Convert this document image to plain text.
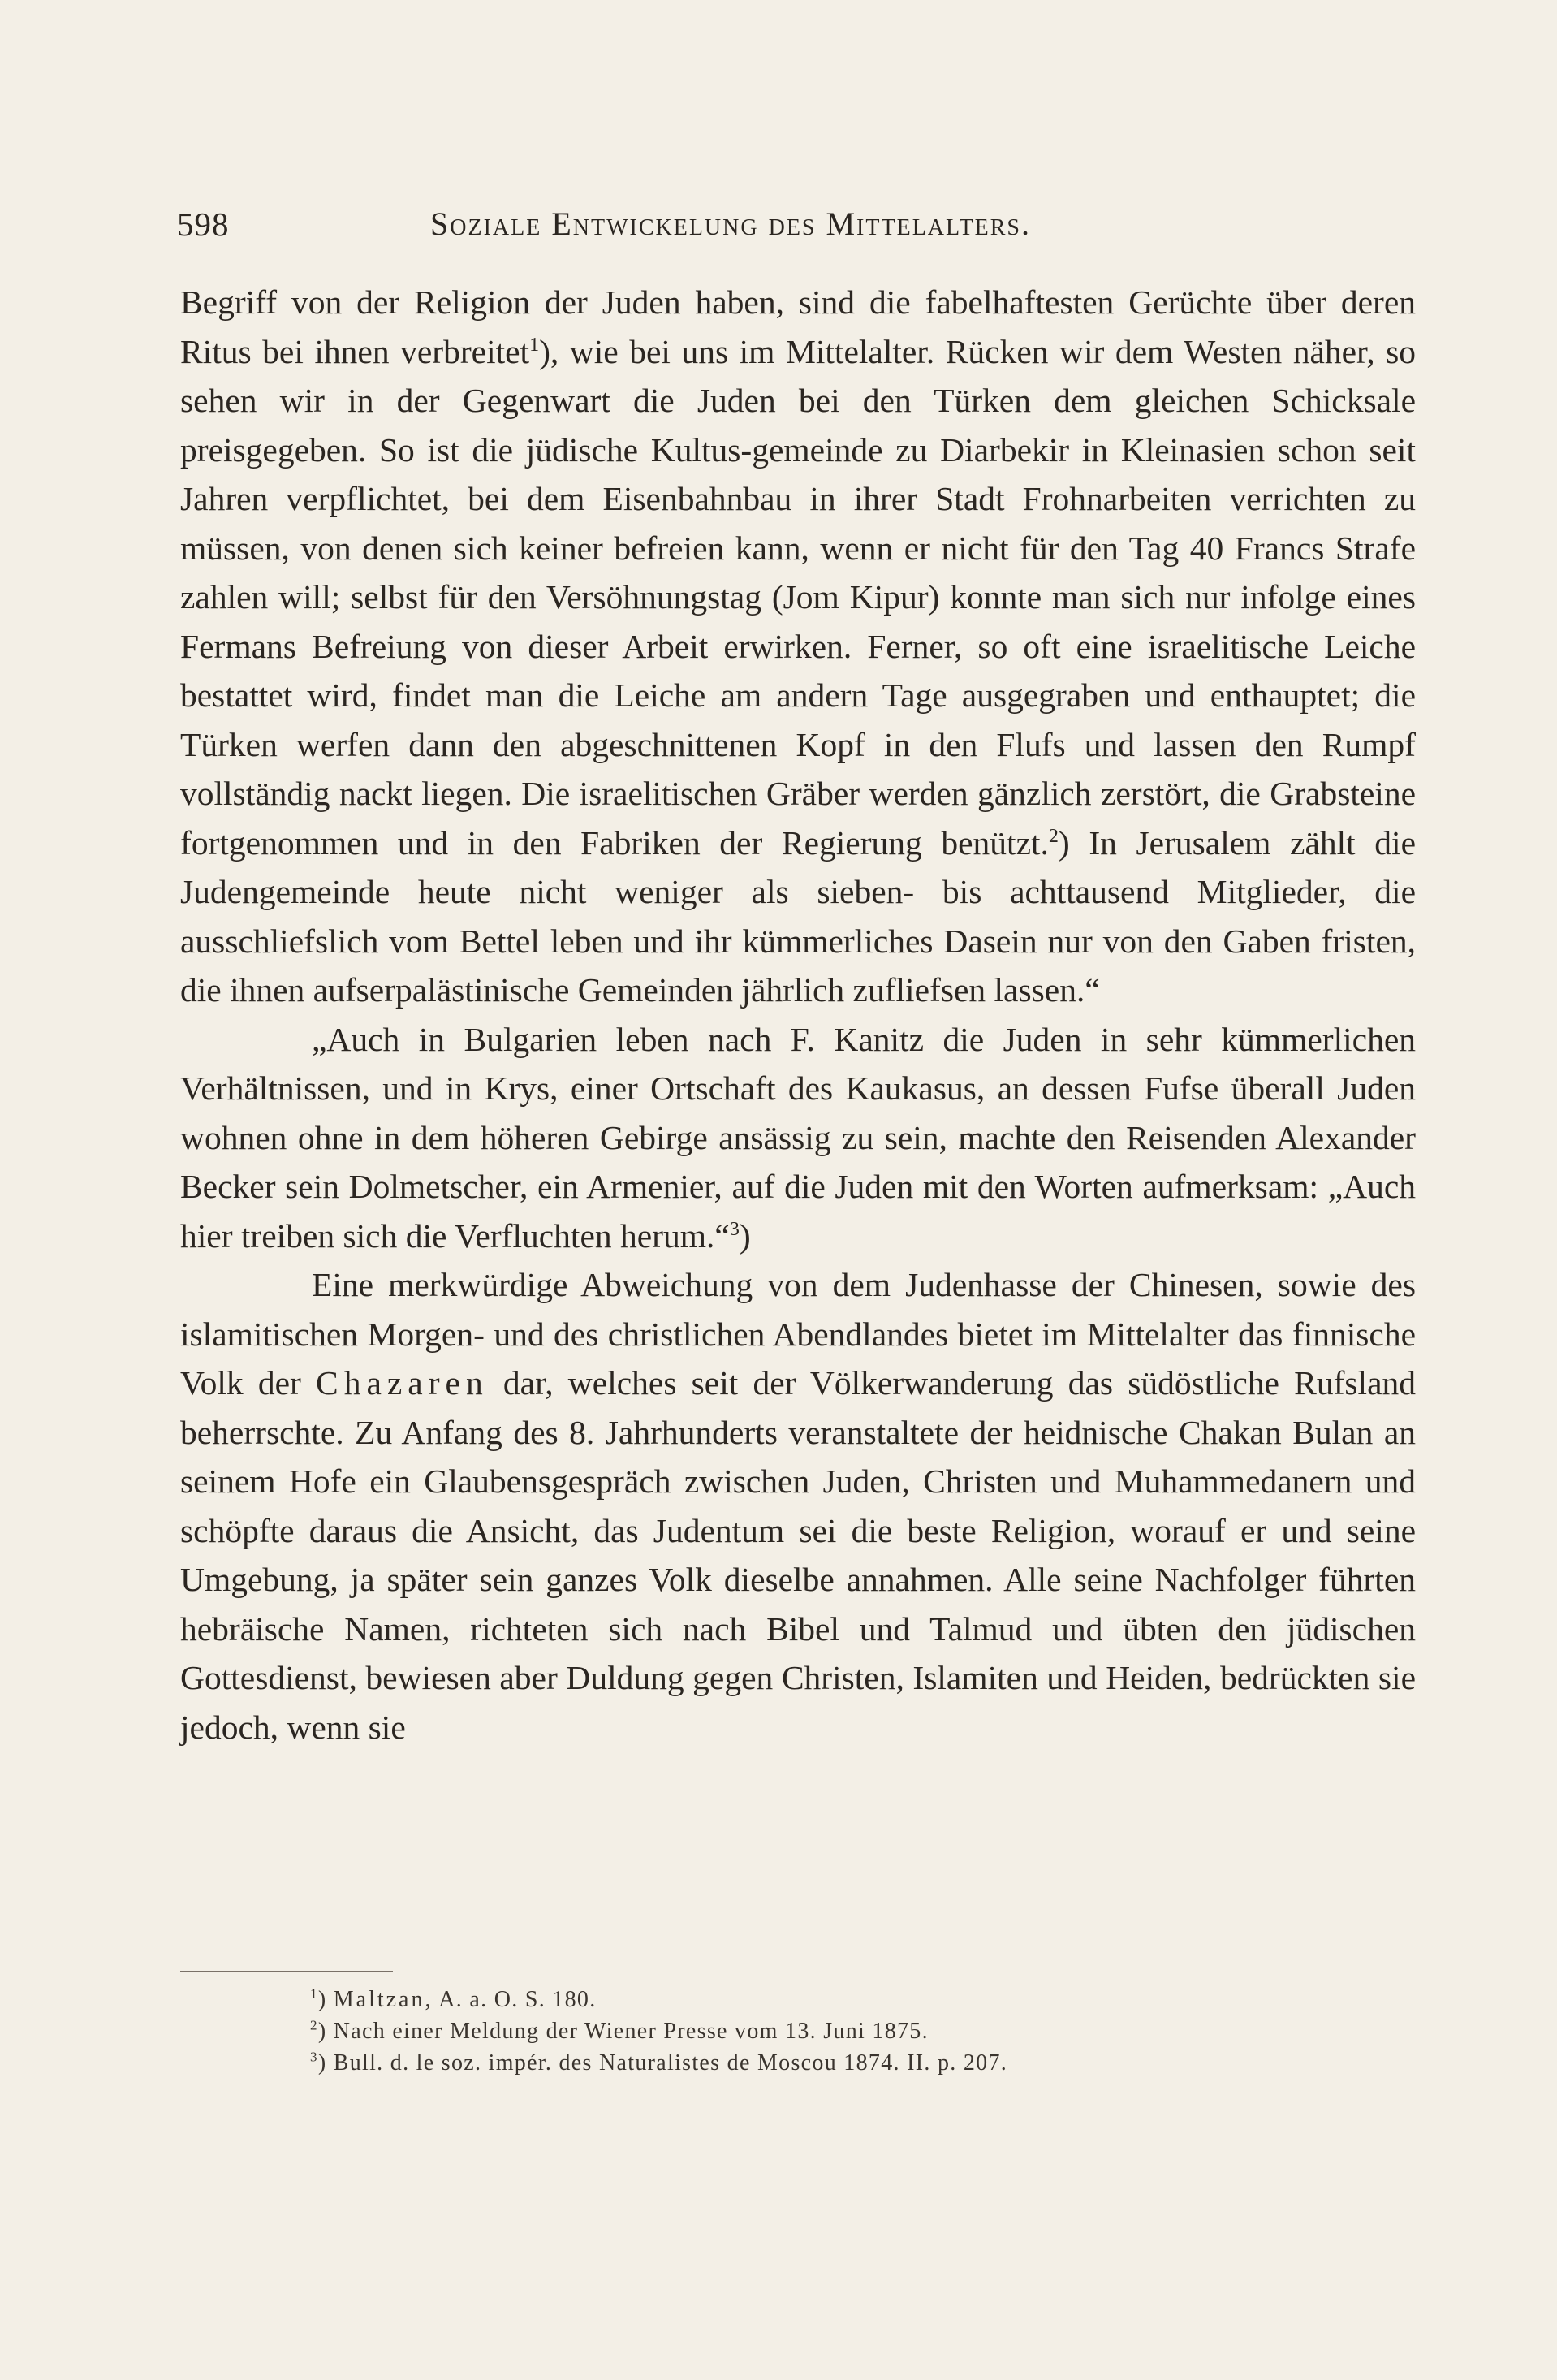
598	Soziale Entwickelung des Mittelalters.

Begriff von der Religion der Juden haben, sind die fabelhaftesten Gerüchte über deren Ritus bei ihnen verbreitet$^1$), wie bei uns im Mittelalter. Rücken wir dem Westen näher, so sehen wir in der Gegenwart die Juden bei den Türken dem gleichen Schicksale preisgegeben. So ist die jüdische Kultus-gemeinde zu Diarbekir in Kleinasien schon seit Jahren verpflichtet, bei dem Eisenbahnbau in ihrer Stadt Frohnarbeiten verrichten zu müssen, von denen sich keiner befreien kann, wenn er nicht für den Tag 40 Francs Strafe zahlen will; selbst für den Versöhnungstag (Jom Kipur) konnte man sich nur infolge eines Fermans Befreiung von dieser Arbeit erwirken. Ferner, so oft eine israelitische Leiche bestattet wird, findet man die Leiche am andern Tage ausgegraben und enthauptet; die Türken werfen dann den abgeschnittenen Kopf in den Flufs und lassen den Rumpf vollständig nackt liegen. Die israelitischen Gräber werden gänzlich zerstört, die Grabsteine fortgenommen und in den Fabriken der Regierung benützt.$^2$) In Jerusalem zählt die Judengemeinde heute nicht weniger als sieben- bis achttausend Mitglieder, die ausschliefslich vom Bettel leben und ihr kümmerliches Dasein nur von den Gaben fristen, die ihnen aufserpalästinische Gemeinden jährlich zufliefsen lassen.“

„Auch in Bulgarien leben nach F. Kanitz die Juden in sehr kümmerlichen Verhältnissen, und in Krys, einer Ortschaft des Kaukasus, an dessen Fufse überall Juden wohnen ohne in dem höheren Gebirge ansässig zu sein, machte den Reisenden Alexander Becker sein Dolmetscher, ein Armenier, auf die Juden mit den Worten aufmerksam: „Auch hier treiben sich die Verfluchten herum.“$^3$)

Eine merkwürdige Abweichung von dem Judenhasse der Chinesen, sowie des islamitischen Morgen- und des christlichen Abendlandes bietet im Mittelalter das finnische Volk der Chazaren dar, welches seit der Völkerwanderung das südöstliche Rufsland beherrschte. Zu Anfang des 8. Jahrhunderts veranstaltete der heidnische Chakan Bulan an seinem Hofe ein Glaubensgespräch zwischen Juden, Christen und Muhammedanern und schöpfte daraus die Ansicht, das Judentum sei die beste Religion, worauf er und seine Umgebung, ja später sein ganzes Volk dieselbe annahmen. Alle seine Nachfolger führten hebräische Namen, richteten sich nach Bibel und Talmud und übten den jüdischen Gottesdienst, bewiesen aber Duldung gegen Christen, Islamiten und Heiden, bedrückten sie jedoch, wenn sie

$^1$) Maltzan, A. a. O. S. 180.
$^2$) Nach einer Meldung der Wiener Presse vom 13. Juni 1875.
$^3$) Bull. d. le soz. impér. des Naturalistes de Moscou 1874. II. p. 207.
